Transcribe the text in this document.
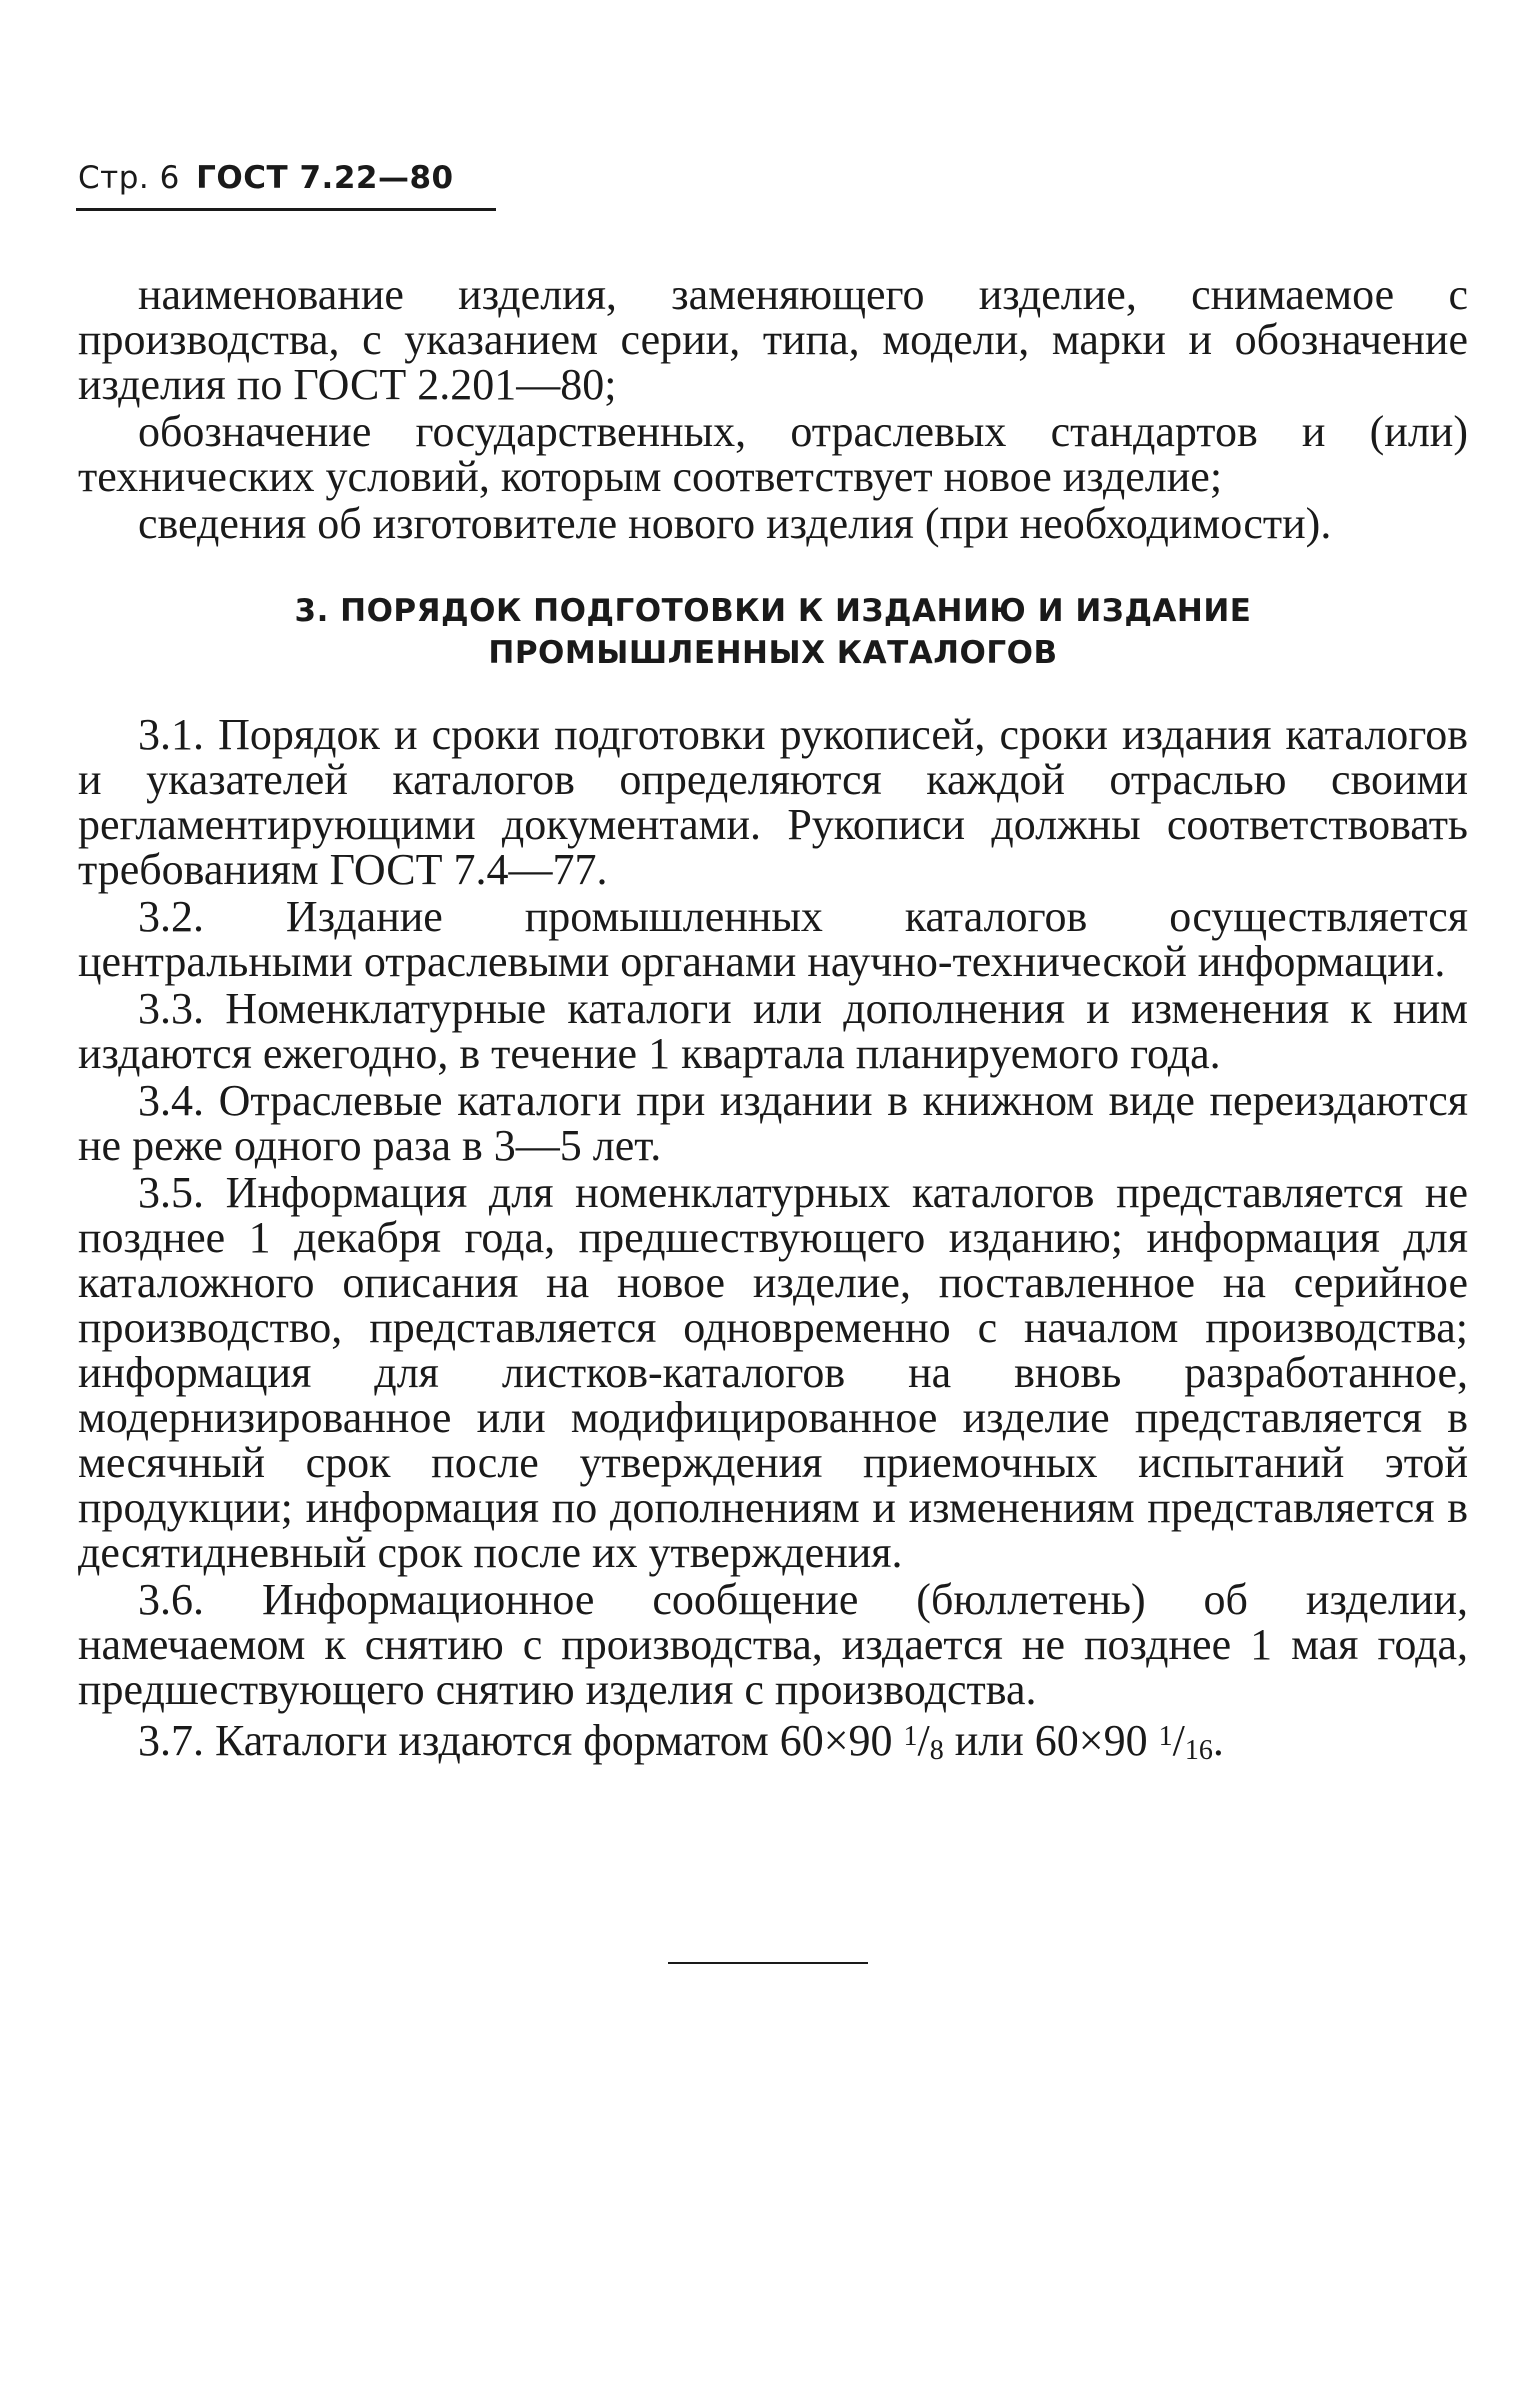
Стр. 6 ГОСТ 7.22—80

наименование изделия, заменяющего изделие, снимаемое с производства, с указанием серии, типа, модели, марки и обозначение изделия по ГОСТ 2.201—80;

обозначение государственных, отраслевых стандартов и (или) технических условий, которым соответствует новое изделие;

сведения об изготовителе нового изделия (при необходимости).

3. ПОРЯДОК ПОДГОТОВКИ К ИЗДАНИЮ И ИЗДАНИЕ
ПРОМЫШЛЕННЫХ КАТАЛОГОВ

3.1. Порядок и сроки подготовки рукописей, сроки издания каталогов и указателей каталогов определяются каждой отраслью своими регламентирующими документами. Рукописи должны соответствовать требованиям ГОСТ 7.4—77.

3.2. Издание промышленных каталогов осуществляется центральными отраслевыми органами научно-технической информации.

3.3. Номенклатурные каталоги или дополнения и изменения к ним издаются ежегодно, в течение 1 квартала планируемого года.

3.4. Отраслевые каталоги при издании в книжном виде переиздаются не реже одного раза в 3—5 лет.

3.5. Информация для номенклатурных каталогов представляется не позднее 1 декабря года, предшествующего изданию; информация для каталожного описания на новое изделие, поставленное на серийное производство, представляется одновременно с началом производства; информация для листков-каталогов на вновь разработанное, модернизированное или модифицированное изделие представляется в месячный срок после утверждения приемочных испытаний этой продукции; информация по дополнениям и изменениям представляется в десятидневный срок после их утверждения.

3.6. Информационное сообщение (бюллетень) об изделии, намечаемом к снятию с производства, издается не позднее 1 мая года, предшествующего снятию изделия с производства.

3.7. Каталоги издаются форматом 60×90 $^1$/8 или 60×90 $^1$/16.
